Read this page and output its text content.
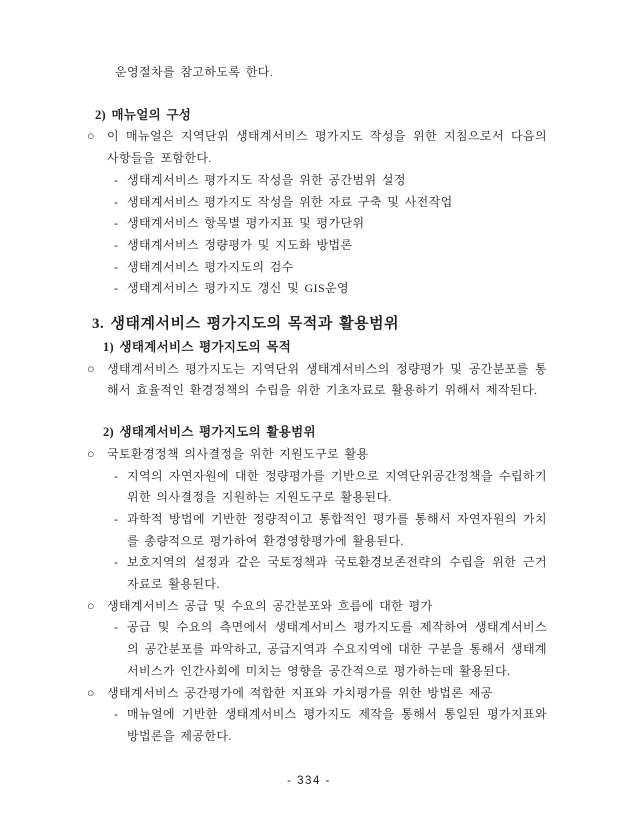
운영절차를 참고하도록 한다.

2) 매뉴얼의 구성
○	이 매뉴얼은 지역단위 생태계서비스 평가지도 작성을 위한 지침으로서 다음의 사항들을 포함한다.

- 생태계서비스 평가지도 작성을 위한 공간범위 설정

- 생태계서비스 평가지도 작성을 위한 자료 구축 및 사전작업

- 생태계서비스 항목별 평가지표 및 평가단위

- 생태계서비스 정량평가 및 지도화 방법론

- 생태계서비스 평가지도의 검수

- 생태계서비스 평가지도 갱신 및 GIS운영

3. 생태계서비스 평가지도의 목적과 활용범위
1) 생태계서비스 평가지도의 목적
○	생태계서비스 평가지도는 지역단위 생태계서비스의 정량평가 및 공간분포를 통해서 효율적인 환경정책의 수립을 위한 기초자료로 활용하기 위해서 제작된다.

2) 생태계서비스 평가지도의 활용범위
○	국토환경정책 의사결정을 위한 지원도구로 활용

- 지역의 자연자원에 대한 정량평가를 기반으로 지역단위공간정책을 수립하기 위한 의사결정을 지원하는 지원도구로 활용된다.

- 과학적 방법에 기반한 정량적이고 통합적인 평가를 통해서 자연자원의 가치를 총량적으로 평가하여 환경영향평가에 활용된다.

- 보호지역의 설정과 같은 국토정책과 국토환경보존전략의 수립을 위한 근거자료로 활용된다.

○	생태계서비스 공급 및 수요의 공간분포와 흐름에 대한 평가

- 공급 및 수요의 측면에서 생태계서비스 평가지도를 제작하여 생태계서비스의 공간분포를 파악하고, 공급지역과 수요지역에 대한 구분을 통해서 생태계서비스가 인간사회에 미치는 영향을 공간적으로 평가하는데 활용된다.

○	생태계서비스 공간평가에 적합한 지표와 가치평가를 위한 방법론 제공

- 매뉴얼에 기반한 생태계서비스 평가지도 제작을 통해서 통일된 평가지표와 방법론을 제공한다.

- 334 -
